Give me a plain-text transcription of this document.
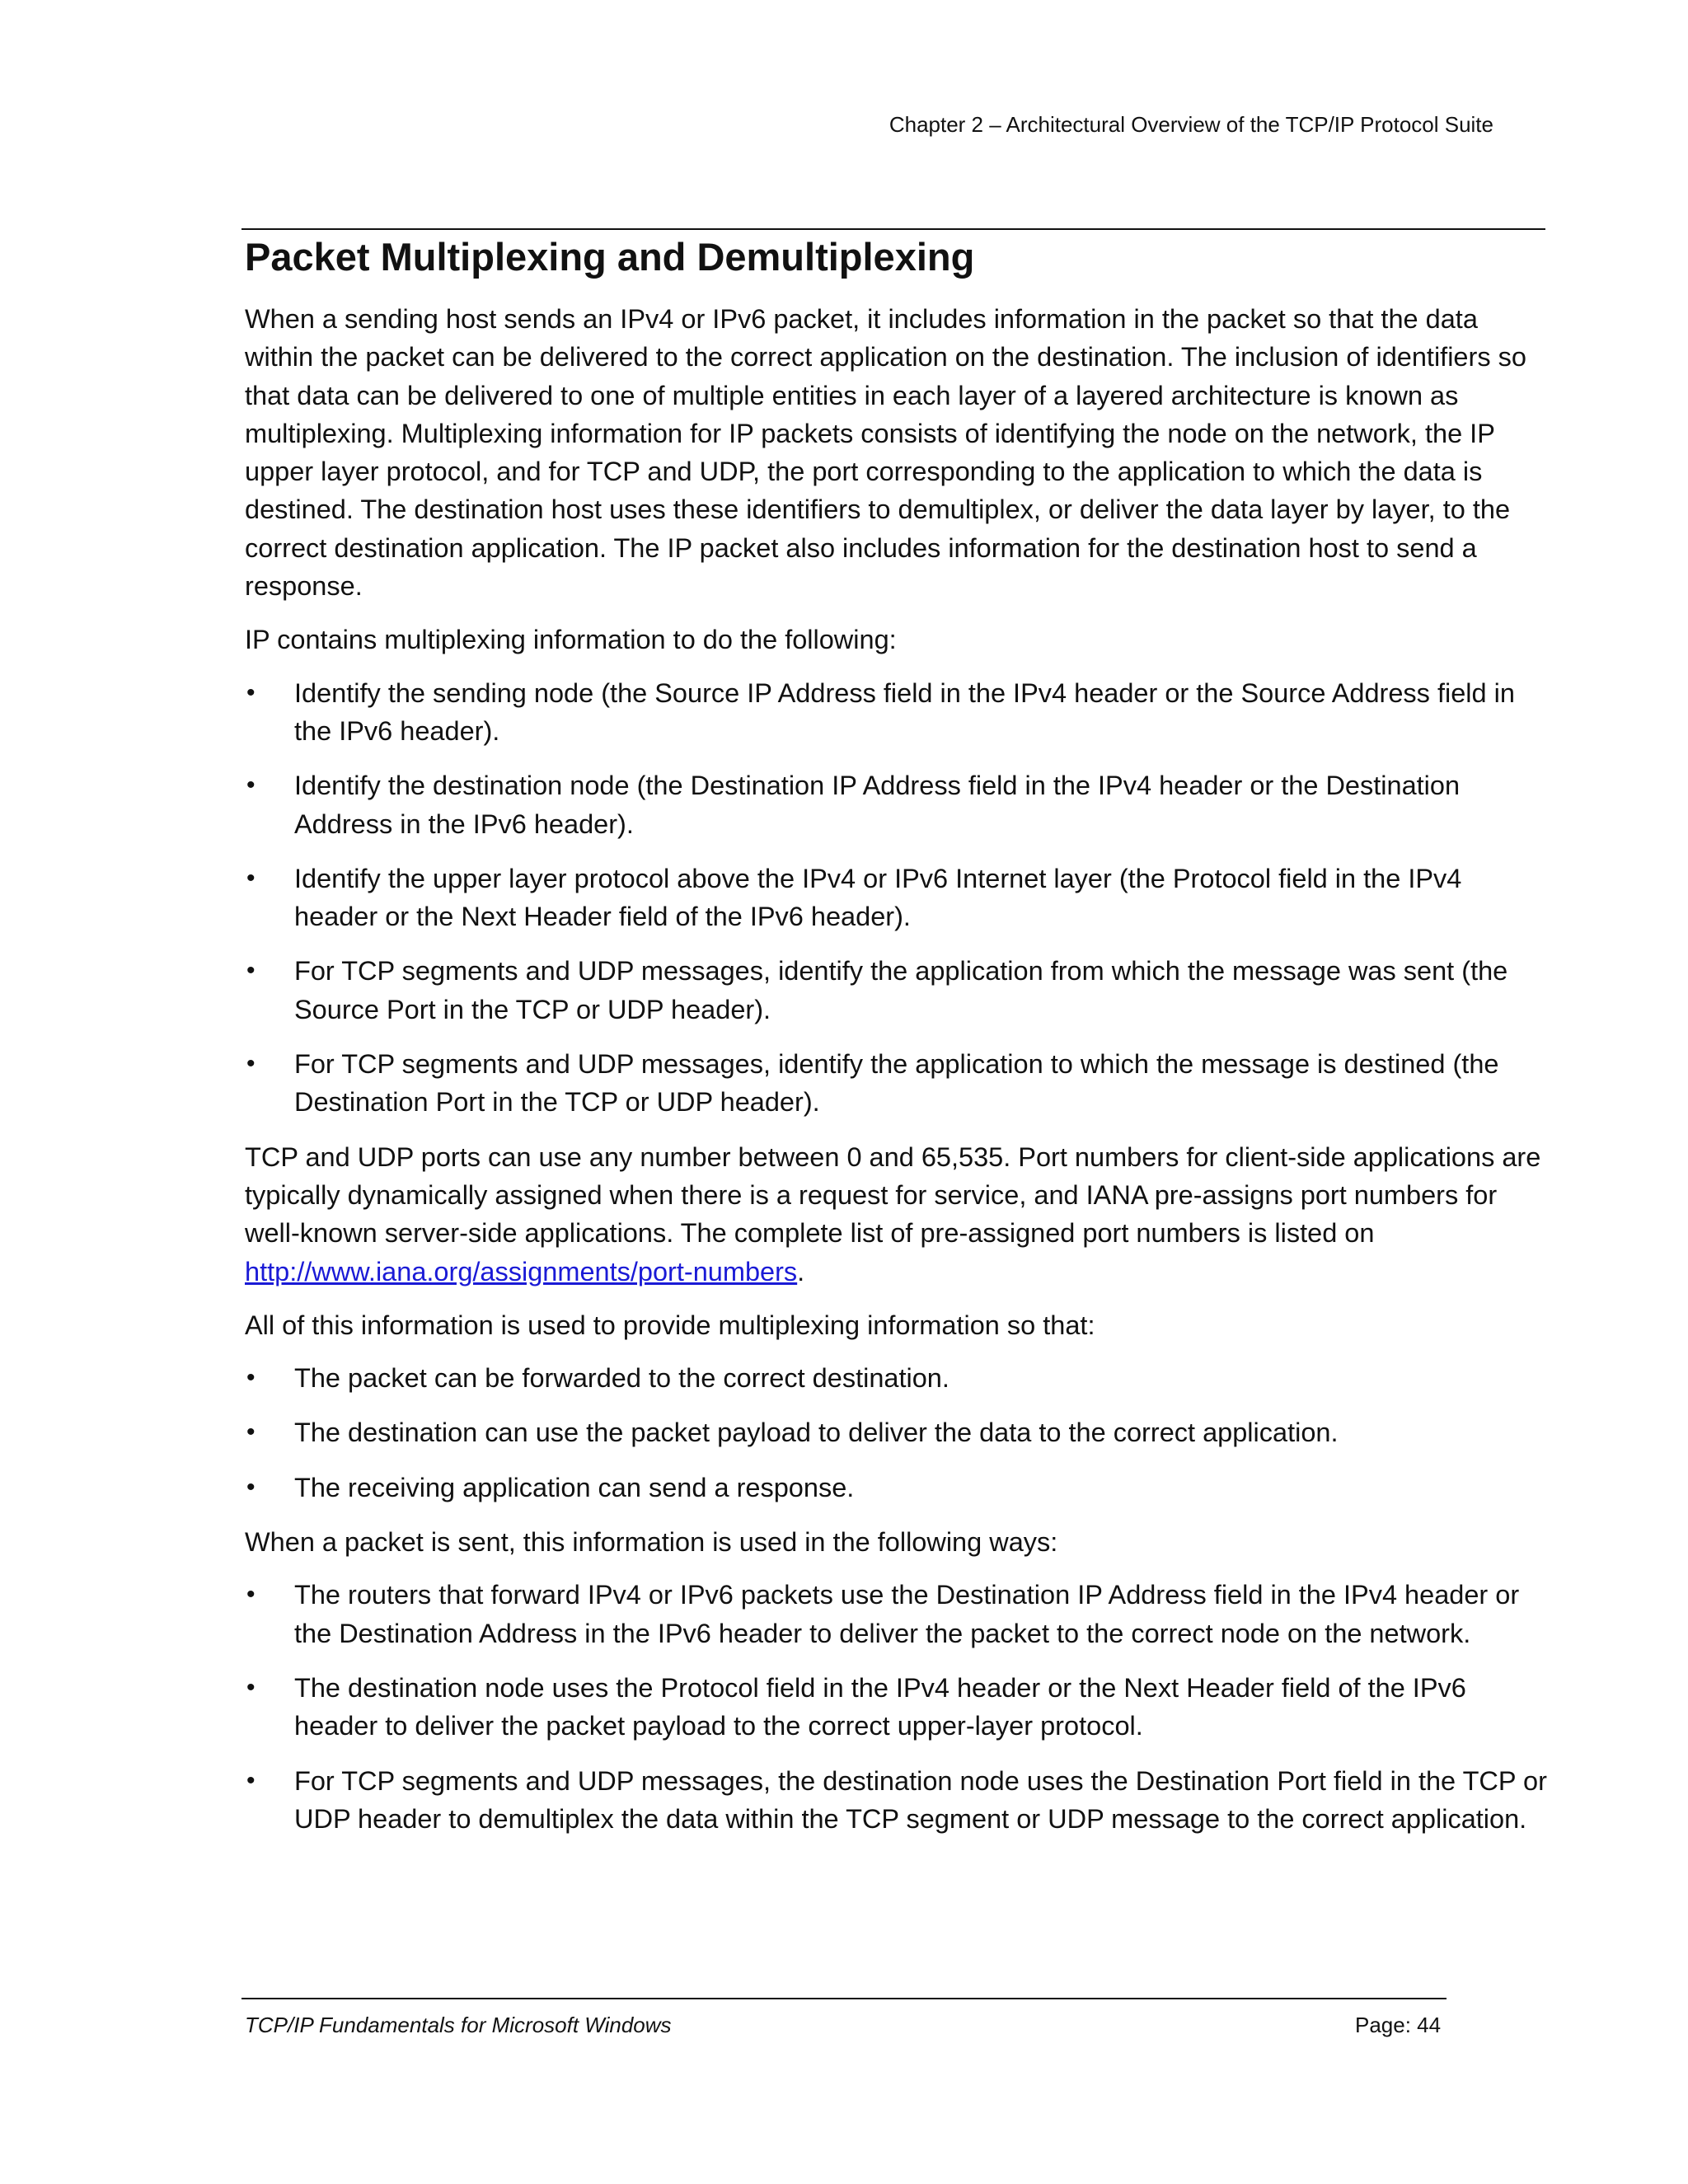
Chapter 2 – Architectural Overview of the TCP/IP Protocol Suite
Packet Multiplexing and Demultiplexing

When a sending host sends an IPv4 or IPv6 packet, it includes information in the packet so that the data within the packet can be delivered to the correct application on the destination. The inclusion of identifiers so that data can be delivered to one of multiple entities in each layer of a layered architecture is known as multiplexing. Multiplexing information for IP packets consists of identifying the node on the network, the IP upper layer protocol, and for TCP and UDP, the port corresponding to the application to which the data is destined. The destination host uses these identifiers to demultiplex, or deliver the data layer by layer, to the correct destination application. The IP packet also includes information for the destination host to send a response.

IP contains multiplexing information to do the following:

• Identify the sending node (the Source IP Address field in the IPv4 header or the Source Address field in the IPv6 header).
• Identify the destination node (the Destination IP Address field in the IPv4 header or the Destination Address in the IPv6 header).
• Identify the upper layer protocol above the IPv4 or IPv6 Internet layer (the Protocol field in the IPv4 header or the Next Header field of the IPv6 header).
• For TCP segments and UDP messages, identify the application from which the message was sent (the Source Port in the TCP or UDP header).
• For TCP segments and UDP messages, identify the application to which the message is destined (the Destination Port in the TCP or UDP header).

TCP and UDP ports can use any number between 0 and 65,535. Port numbers for client-side applications are typically dynamically assigned when there is a request for service, and IANA pre-assigns port numbers for well-known server-side applications. The complete list of pre-assigned port numbers is listed on http://www.iana.org/assignments/port-numbers.

All of this information is used to provide multiplexing information so that:

• The packet can be forwarded to the correct destination.
• The destination can use the packet payload to deliver the data to the correct application.
• The receiving application can send a response.

When a packet is sent, this information is used in the following ways:

• The routers that forward IPv4 or IPv6 packets use the Destination IP Address field in the IPv4 header or the Destination Address in the IPv6 header to deliver the packet to the correct node on the network.
• The destination node uses the Protocol field in the IPv4 header or the Next Header field of the IPv6 header to deliver the packet payload to the correct upper-layer protocol.
• For TCP segments and UDP messages, the destination node uses the Destination Port field in the TCP or UDP header to demultiplex the data within the TCP segment or UDP message to the correct application.
TCP/IP Fundamentals for Microsoft Windows	Page: 44
